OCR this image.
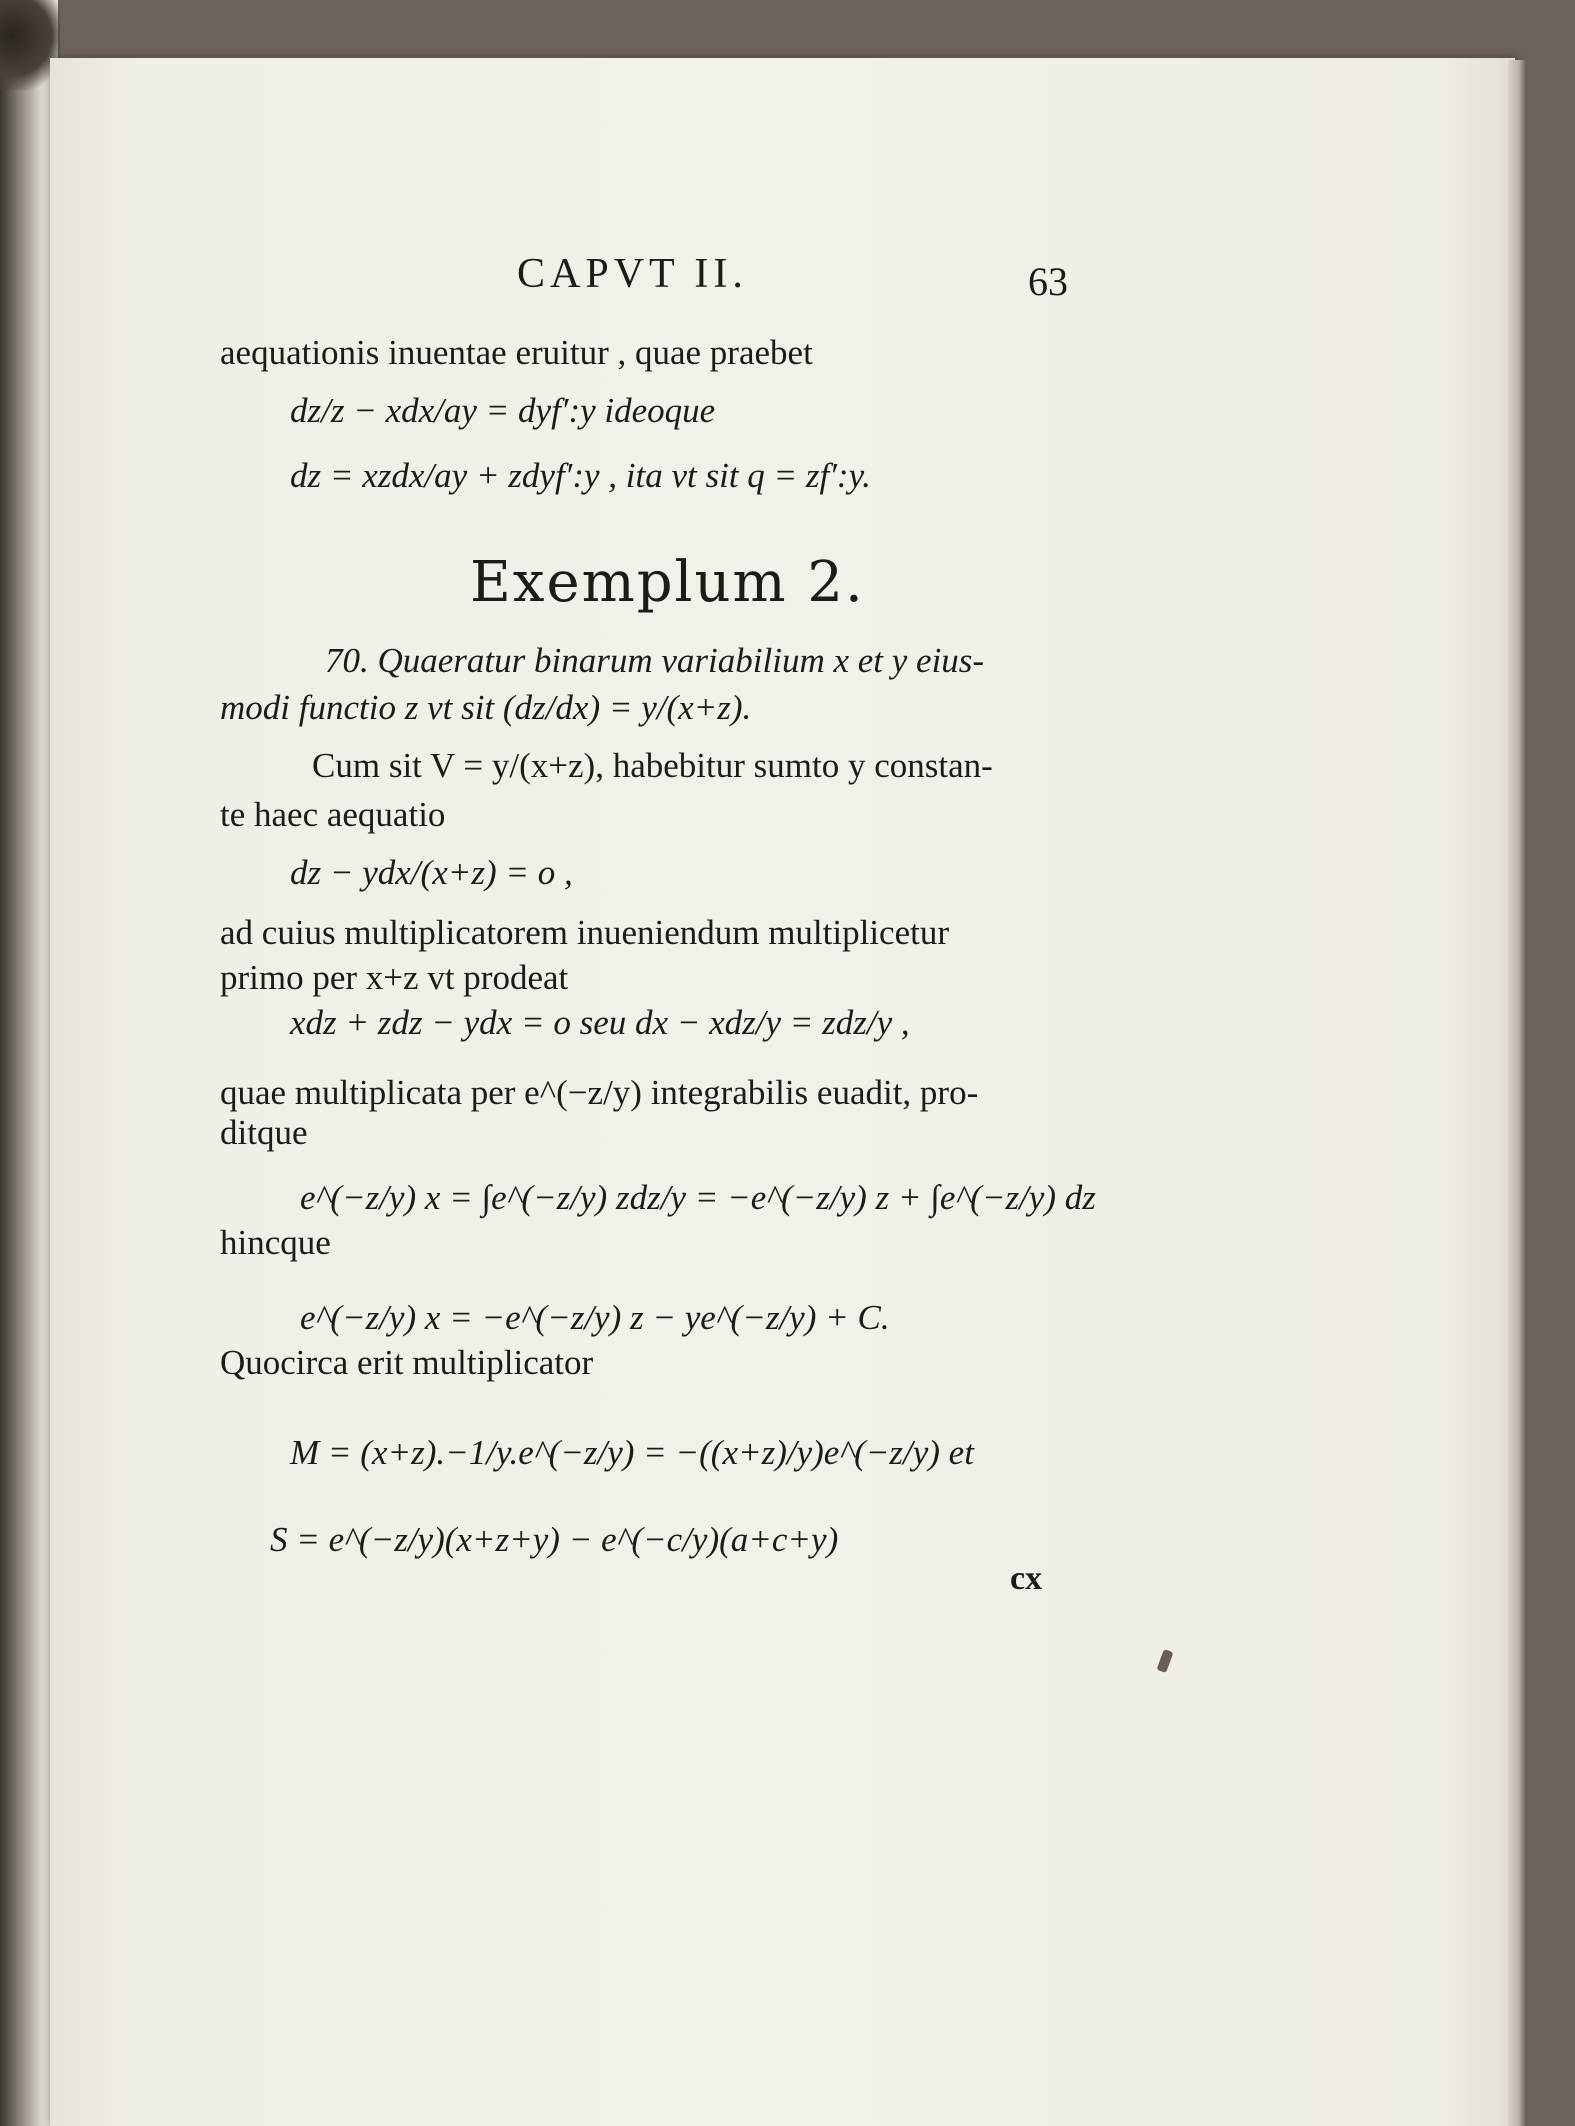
CAPVT II.	63
aequationis inuentae eruitur , quae praebet
dz/z − xdx/ay = dyf′:y ideoque
dz = xzdx/ay + zdyf′:y , ita vt sit q = zf′:y.
Exemplum 2.
70. Quaeratur binarum variabilium x et y eius-
modi functio z vt sit (dz/dx) = y/(x+z).
Cum sit V = y/(x+z), habebitur sumto y constan-
te haec aequatio
dz − ydx/(x+z) = o ,
ad cuius multiplicatorem inueniendum multiplicetur
primo per x+z vt prodeat
xdz + zdz − ydx = o seu dx − xdz/y = zdz/y ,
quae multiplicata per e^(−z/y) integrabilis euadit, pro-
ditque
e^(−z/y) x = ∫e^(−z/y) zdz/y = −e^(−z/y) z + ∫e^(−z/y) dz
hincque
e^(−z/y) x = −e^(−z/y) z − ye^(−z/y) + C.
Quocirca erit multiplicator
M = (x+z).−1/y.e^(−z/y) = −((x+z)/y)e^(−z/y) et
S = e^(−z/y)(x+z+y) − e^(−c/y)(a+c+y)
cx
